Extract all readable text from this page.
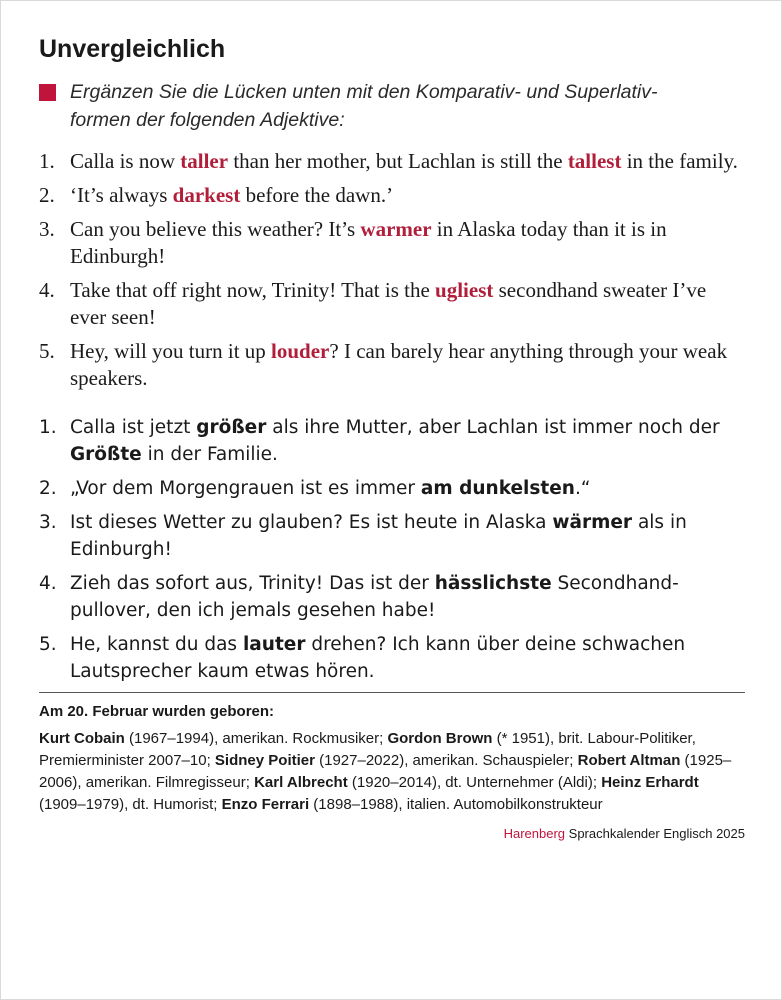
Unvergleichlich
Ergänzen Sie die Lücken unten mit den Komparativ- und Superlativ-
formen der folgenden Adjektive:
1. Calla is now taller than her mother, but Lachlan is still the tallest in the family.
2. ‘It’s always darkest before the dawn.’
3. Can you believe this weather? It’s warmer in Alaska today than it is in Edinburgh!
4. Take that off right now, Trinity! That is the ugliest secondhand sweater I’ve ever seen!
5. Hey, will you turn it up louder? I can barely hear anything through your weak speakers.
1. Calla ist jetzt größer als ihre Mutter, aber Lachlan ist immer noch der Größte in der Familie.
2. „Vor dem Morgengrauen ist es immer am dunkelsten.“
3. Ist dieses Wetter zu glauben? Es ist heute in Alaska wärmer als in Edinburgh!
4. Zieh das sofort aus, Trinity! Das ist der hässlichste Secondhand-pullover, den ich jemals gesehen habe!
5. He, kannst du das lauter drehen? Ich kann über deine schwachen Lautsprecher kaum etwas hören.
Am 20. Februar wurden geboren:
Kurt Cobain (1967–1994), amerikan. Rockmusiker; Gordon Brown (* 1951), brit. Labour-Politiker, Premierminister 2007–10; Sidney Poitier (1927–2022), amerikan. Schauspieler; Robert Altman (1925–2006), amerikan. Filmregisseur; Karl Albrecht (1920–2014), dt. Unternehmer (Aldi); Heinz Erhardt (1909–1979), dt. Humorist; Enzo Ferrari (1898–1988), italien. Automobilkonstrukteur
Harenberg Sprachkalender Englisch 2025
